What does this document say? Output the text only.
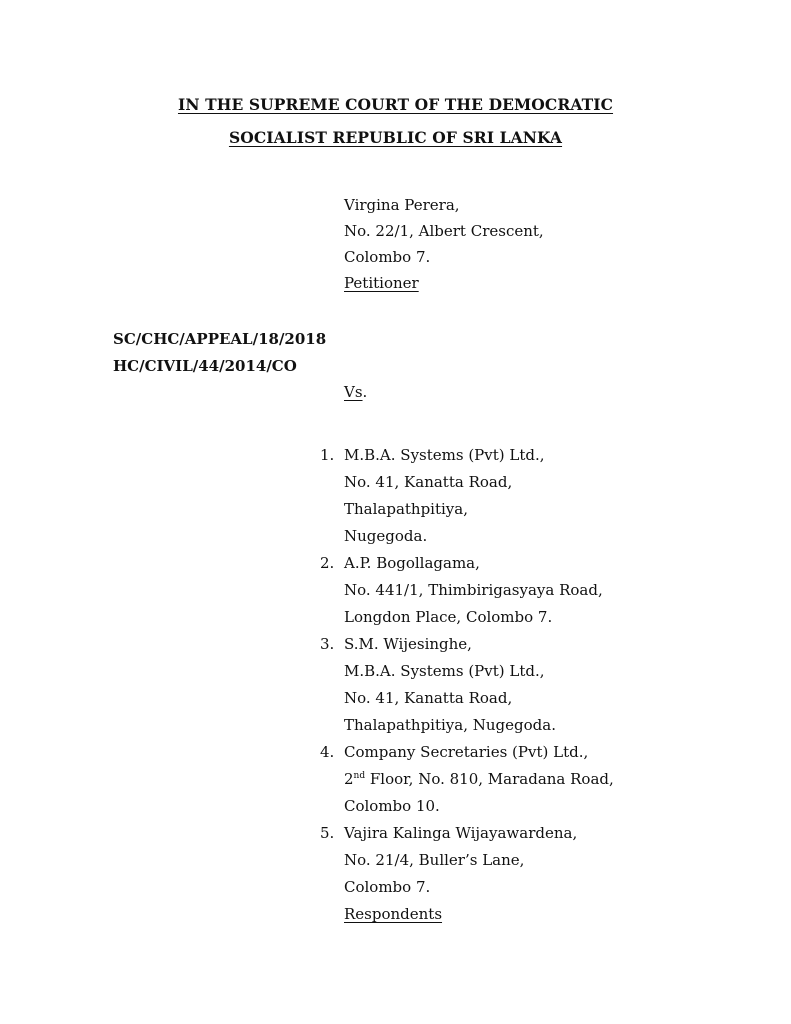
IN THE SUPREME COURT OF THE DEMOCRATIC
SOCIALIST REPUBLIC OF SRI LANKA
Virgina Perera,
No. 22/1, Albert Crescent,
Colombo 7.
Petitioner
SC/CHC/APPEAL/18/2018
HC/CIVIL/44/2014/CO
Vs.
1. M.B.A. Systems (Pvt) Ltd.,
No. 41, Kanatta Road,
Thalapathpitiya,
Nugegoda.
2. A.P. Bogollagama,
No. 441/1, Thimbirigasyaya Road,
Longdon Place, Colombo 7.
3. S.M. Wijesinghe,
M.B.A. Systems (Pvt) Ltd.,
No. 41, Kanatta Road,
Thalapathpitiya, Nugegoda.
4. Company Secretaries (Pvt) Ltd.,
2nd Floor, No. 810, Maradana Road,
Colombo 10.
5. Vajira Kalinga Wijayawardena,
No. 21/4, Buller’s Lane,
Colombo 7.
Respondents
